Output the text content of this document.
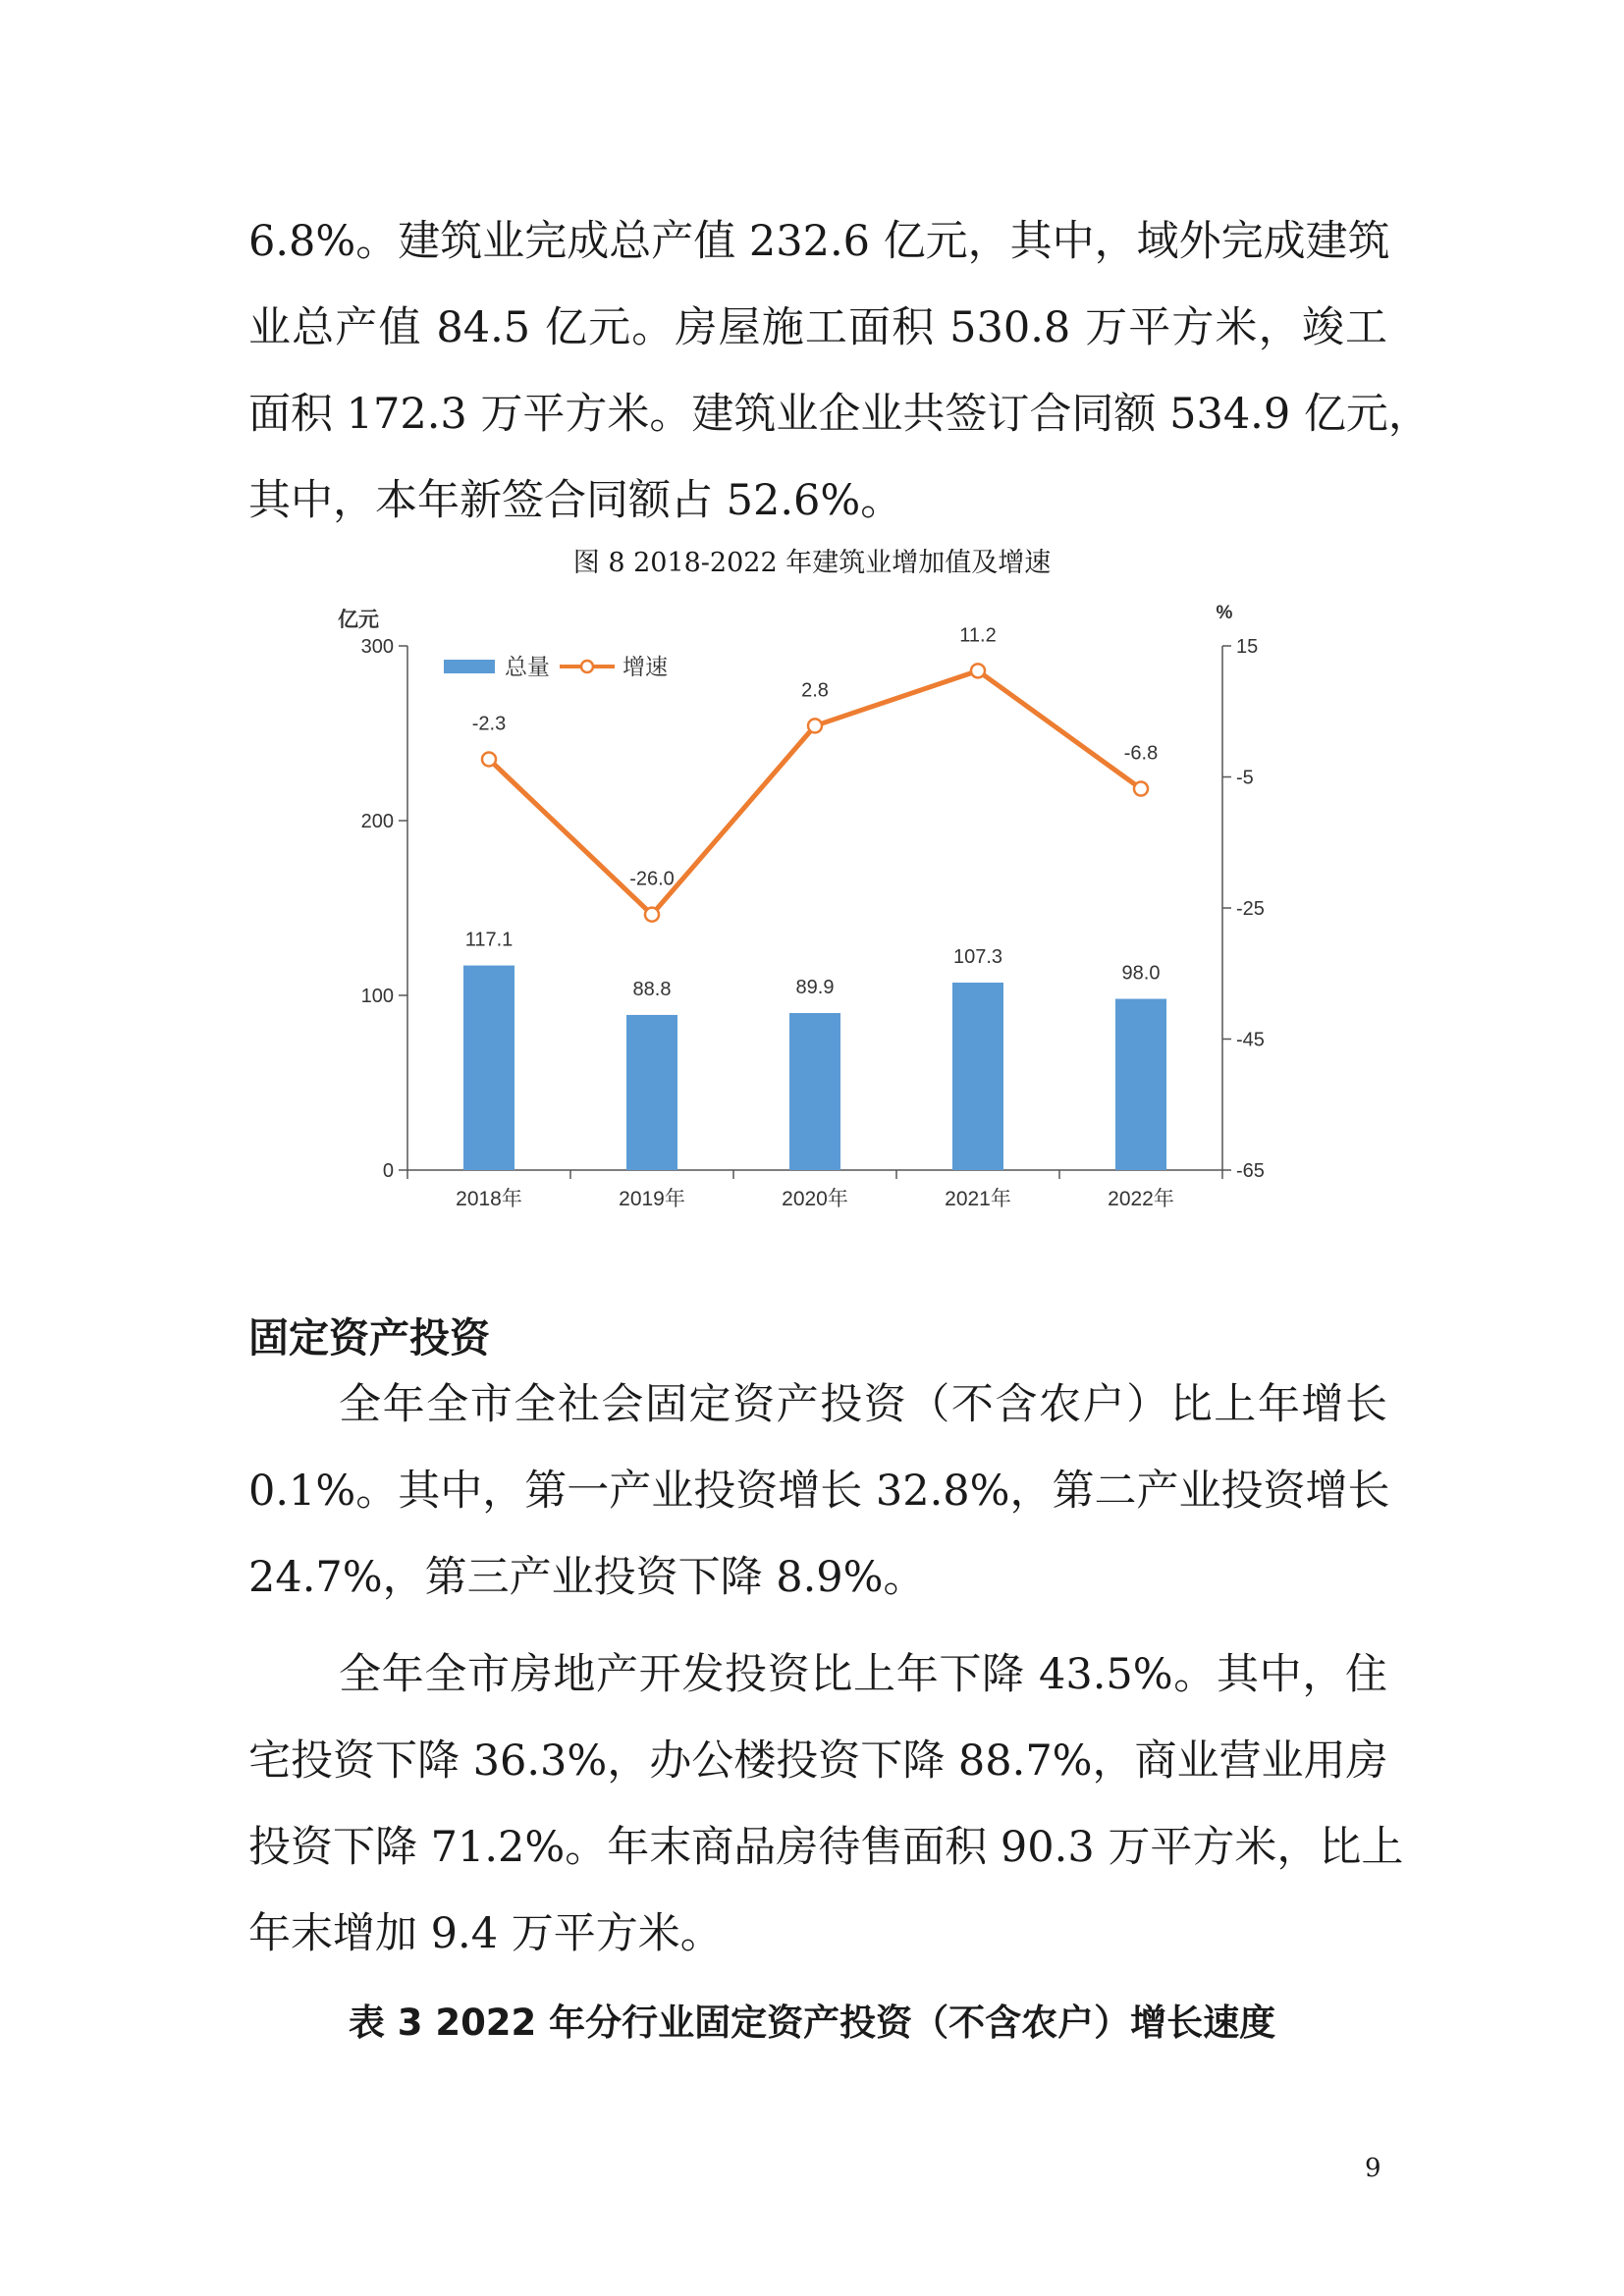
6.8%。建筑业完成总产值 232.6 亿元，其中，域外完成建筑
业总产值 84.5 亿元。房屋施工面积 530.8 万平方米，竣工
面积 172.3 万平方米。建筑业企业共签订合同额 534.9 亿元，
其中，本年新签合同额占 52.6%。
图 8 2018-2022 年建筑业增加值及增速
0
100
200
300
-65
-45
-25
-5
15
2018年	2019年	2020年	2021年	2022年
亿元	%
117.1
88.8	89.9
107.3
98.0
-2.3
-26.0
2.8
11.2
-6.8
总量	增速
固定资产投资
全年全市全社会固定资产投资（不含农户）比上年增长
0.1%。其中，第一产业投资增长 32.8%，第二产业投资增长
24.7%，第三产业投资下降 8.9%。
全年全市房地产开发投资比上年下降 43.5%。其中，住
宅投资下降 36.3%，办公楼投资下降 88.7%，商业营业用房
投资下降 71.2%。年末商品房待售面积 90.3 万平方米，比上
年末增加 9.4 万平方米。
表 3 2022 年分行业固定资产投资（不含农户）增长速度
9
